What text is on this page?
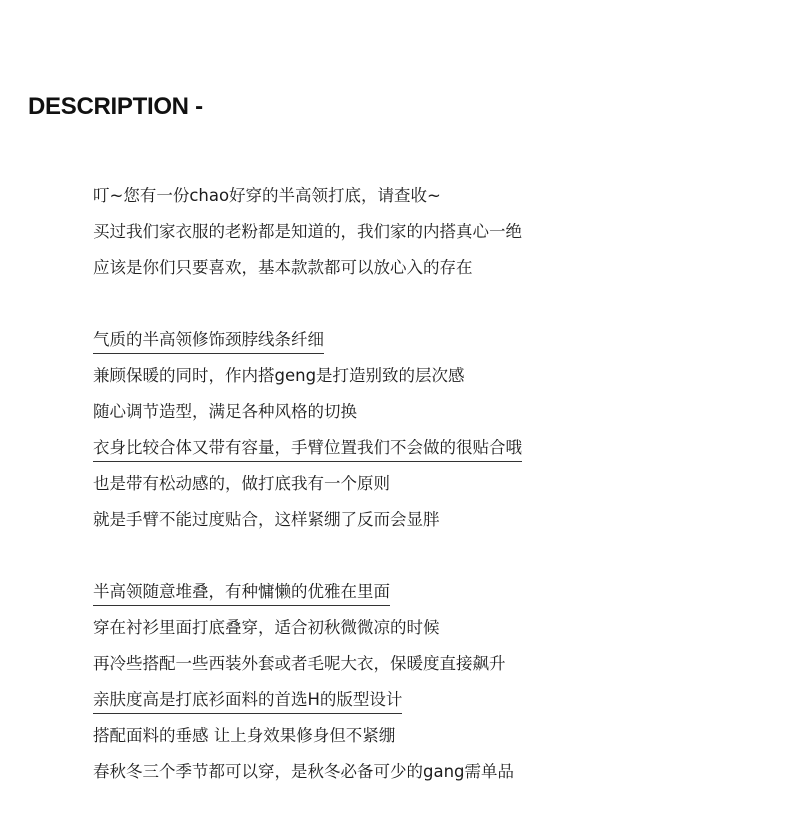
DESCRIPTION -
叮~您有一份chao好穿的半高领打底，请查收~
买过我们家衣服的老粉都是知道的，我们家的内搭真心一绝
应该是你们只要喜欢，基本款款都可以放心入的存在
气质的半高领修饰颈脖线条纤细
兼顾保暖的同时，作内搭geng是打造别致的层次感
随心调节造型，满足各种风格的切换
衣身比较合体又带有容量，手臂位置我们不会做的很贴合哦
也是带有松动感的，做打底我有一个原则
就是手臂不能过度贴合，这样紧绷了反而会显胖
半高领随意堆叠，有种慵懒的优雅在里面
穿在衬衫里面打底叠穿，适合初秋微微凉的时候
再冷些搭配一些西装外套或者毛呢大衣，保暖度直接飙升
亲肤度高是打底衫面料的首选H的版型设计
搭配面料的垂感 让上身效果修身但不紧绷
春秋冬三个季节都可以穿，是秋冬必备可少的gang需单品
